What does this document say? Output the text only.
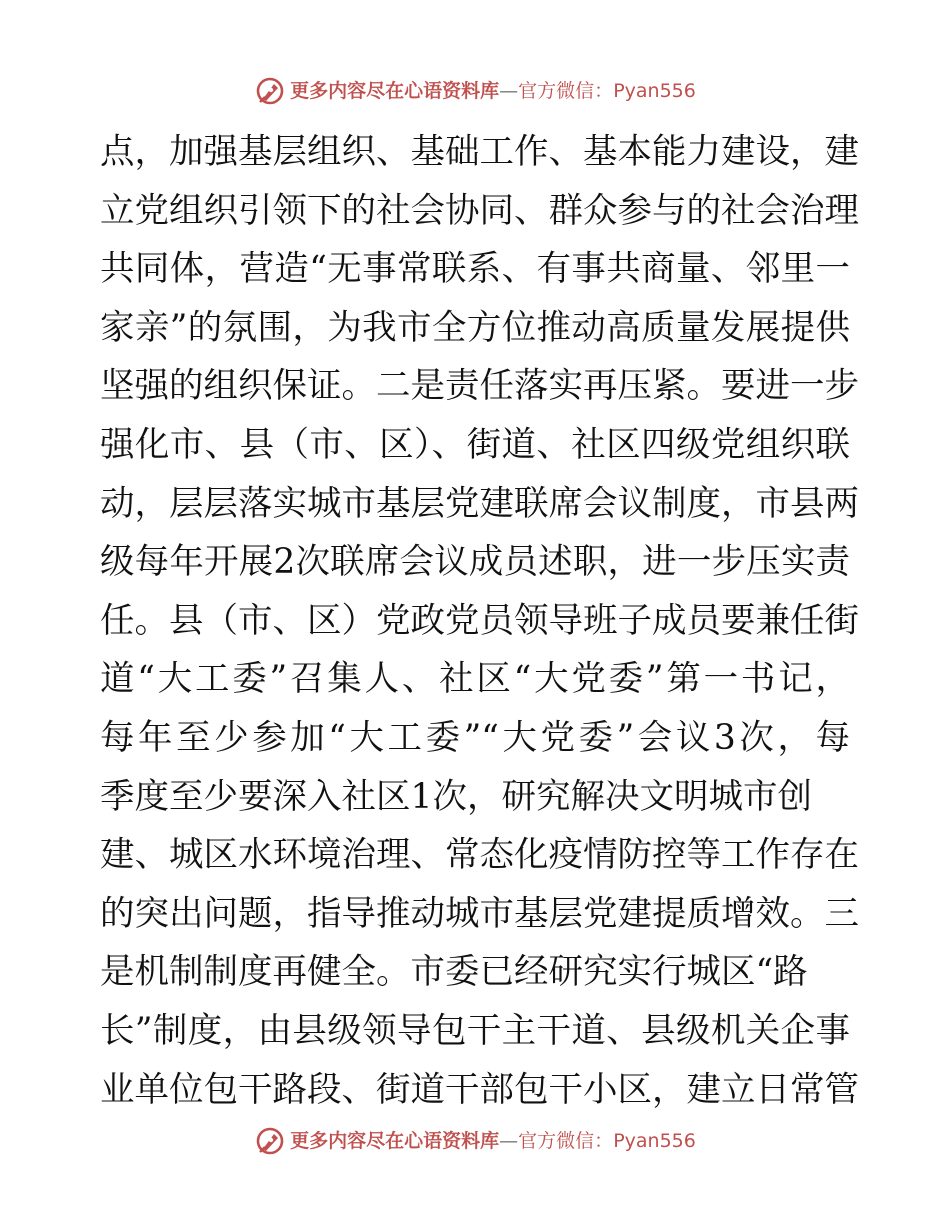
更多内容尽在心语资料库 — 官方微信： Pyan556
点，加强基层组织、基础工作、基本能力建设，建
立党组织引领下的社会协同、群众参与的社会治理
共同体，营造“无事常联系、有事共商量、邻里一
家亲”的氛围，为我市全方位推动高质量发展提供
坚强的组织保证。二是责任落实再压紧。要进一步
强化市、县（市、区）、街道、社区四级党组织联
动，层层落实城市基层党建联席会议制度，市县两
级每年开展2次联席会议成员述职，进一步压实责
任。县（市、区）党政党员领导班子成员要兼任街
道“大工委”召集人、社区“大党委”第一书记，
每年至少参加“大工委”“大党委”会议3次，每
季度至少要深入社区1次，研究解决文明城市创
建、城区水环境治理、常态化疫情防控等工作存在
的突出问题，指导推动城市基层党建提质增效。三
是机制制度再健全。市委已经研究实行城区“路
长”制度，由县级领导包干主干道、县级机关企事
业单位包干路段、街道干部包干小区，建立日常管
更多内容尽在心语资料库 — 官方微信： Pyan556
